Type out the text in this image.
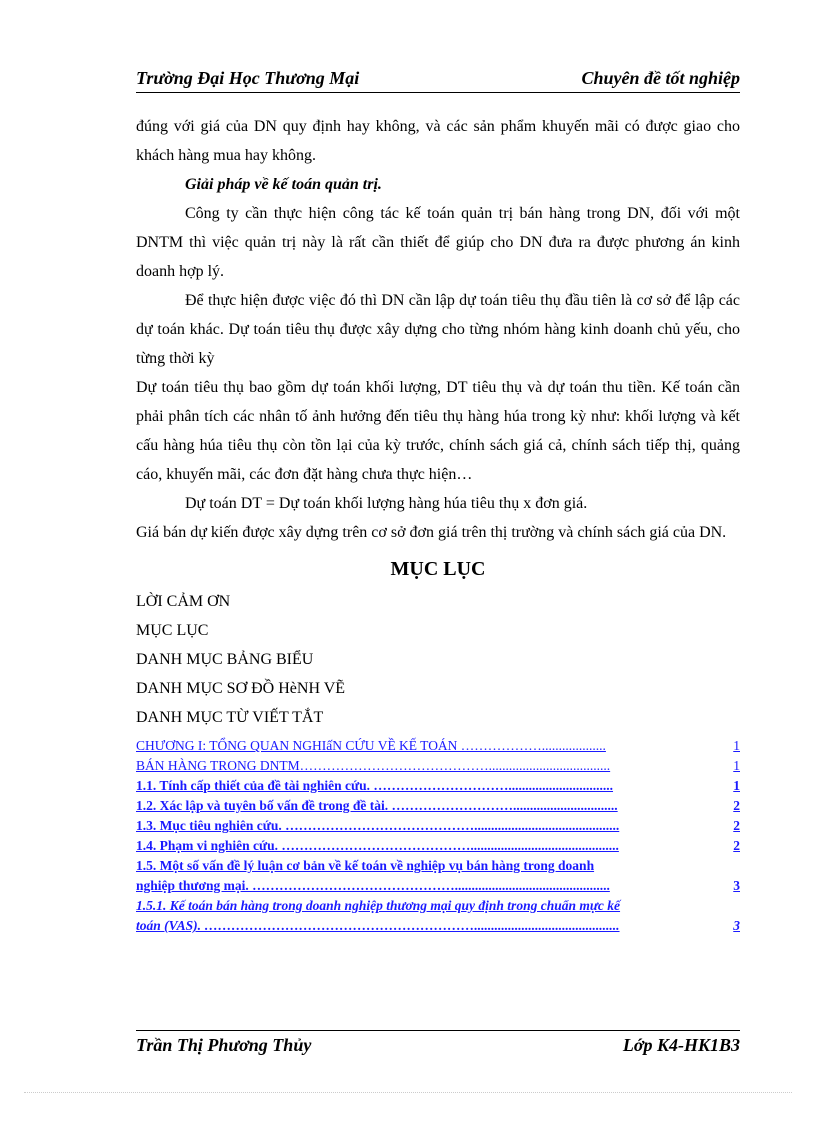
Trường Đại Học Thương Mại	Chuyên đề tốt nghiệp

đúng với giá của DN quy định hay không, và các sản phẩm khuyến mãi có được giao cho khách hàng mua hay không.

Giải pháp về kế toán quản trị.

Công ty cần thực hiện công tác kế toán quản trị bán hàng trong DN, đối với một DNTM thì việc quản trị này là rất cần thiết để giúp cho DN đưa ra được phương án kinh doanh hợp lý.

Để thực hiện được việc đó thì DN cần lập dự toán tiêu thụ đầu tiên là cơ sở để lập các dự toán khác. Dự toán tiêu thụ được xây dựng cho từng nhóm hàng kinh doanh chủ yếu, cho từng thời kỳ

Dự toán tiêu thụ bao gồm dự toán khối lượng, DT tiêu thụ và dự toán thu tiền. Kế toán cần phải phân tích các nhân tố ảnh hưởng đến tiêu thụ hàng húa trong kỳ như: khối lượng và kết cấu hàng húa tiêu thụ còn tồn lại của kỳ trước, chính sách giá cả, chính sách tiếp thị, quảng cáo, khuyến mãi, các đơn đặt hàng chưa thực hiện…

Dự toán DT = Dự toán khối lượng hàng húa tiêu thụ x đơn giá.

Giá bán dự kiến được xây dựng trên cơ sở đơn giá trên thị trường và chính sách giá của DN.

MỤC LỤC

LỜI CẢM ƠN

MỤC LỤC

DANH MỤC BẢNG BIỂU

DANH MỤC SƠ ĐỒ HèNH VẼ

DANH MỤC TỪ VIẾT TẮT

CHƯƠNG I: TỔNG QUAN NGHIấN CỨU VỀ KẾ TOÁN ………………...................	1
BÁN HÀNG TRONG DNTM……………………………………....................................	1
1.1. Tính cấp thiết của đề tài nghiên cứu. …………………………...............................	1
1.2. Xác lập và tuyên bố vấn đề trong đề tài. ………………………...............................	2
1.3. Mục tiêu nghiên cứu. ……………………………………...........................................	2
1.4. Phạm vi nghiên cứu. ……………………………………............................................	2
1.5. Một số vấn đề lý luận cơ bản về kế toán về nghiệp vụ bán hàng trong doanh
nghiệp thương mại. ………………………………………..............................................	3
1.5.1. Kế toán bán hàng trong doanh nghiệp thương mại quy định trong chuẩn mực kế
toán (VAS). ……………………………………………………...........................................	3
Trần Thị Phương Thủy	Lớp K4-HK1B3
